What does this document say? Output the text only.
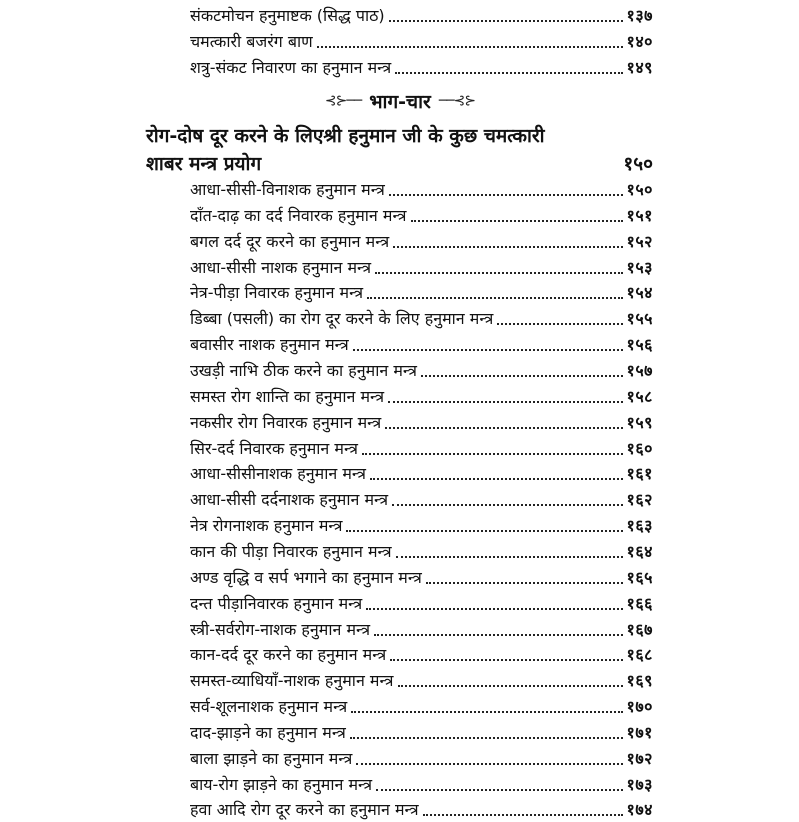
संकटमोचन हनुमाष्टक (सिद्ध पाठ)	१३७
चमत्कारी बजरंग बाण	१४०
शत्रु-संकट निवारण का हनुमान मन्त्र	१४९
⊰⊱── भाग-चार ──⊰⊱
रोग-दोष दूर करने के लिएश्री हनुमान जी के कुछ चमत्कारी
शाबर मन्त्र प्रयोग	१५०
आधा-सीसी-विनाशक हनुमान मन्त्र	१५०
दाँत-दाढ़ का दर्द निवारक हनुमान मन्त्र	१५१
बगल दर्द दूर करने का हनुमान मन्त्र	१५२
आधा-सीसी नाशक हनुमान मन्त्र	१५३
नेत्र-पीड़ा निवारक हनुमान मन्त्र	१५४
डिब्बा (पसली) का रोग दूर करने के लिए हनुमान मन्त्र	१५५
बवासीर नाशक हनुमान मन्त्र	१५६
उखड़ी नाभि ठीक करने का हनुमान मन्त्र	१५७
समस्त रोग शान्ति का हनुमान मन्त्र	१५८
नकसीर रोग निवारक हनुमान मन्त्र	१५९
सिर-दर्द निवारक हनुमान मन्त्र	१६०
आधा-सीसीनाशक हनुमान मन्त्र	१६१
आधा-सीसी दर्दनाशक हनुमान मन्त्र	१६२
नेत्र रोगनाशक हनुमान मन्त्र	१६३
कान की पीड़ा निवारक हनुमान मन्त्र	१६४
अण्ड वृद्धि व सर्प भगाने का हनुमान मन्त्र	१६५
दन्त पीड़ानिवारक हनुमान मन्त्र	१६६
स्त्री-सर्वरोग-नाशक हनुमान मन्त्र	१६७
कान-दर्द दूर करने का हनुमान मन्त्र	१६८
समस्त-व्याधियाँ-नाशक हनुमान मन्त्र	१६९
सर्व-शूलनाशक हनुमान मन्त्र	१७०
दाद-झाड़ने का हनुमान मन्त्र	१७१
बाला झाड़ने का हनुमान मन्त्र	१७२
बाय-रोग झाड़ने का हनुमान मन्त्र	१७३
हवा आदि रोग दूर करने का हनुमान मन्त्र	१७४
